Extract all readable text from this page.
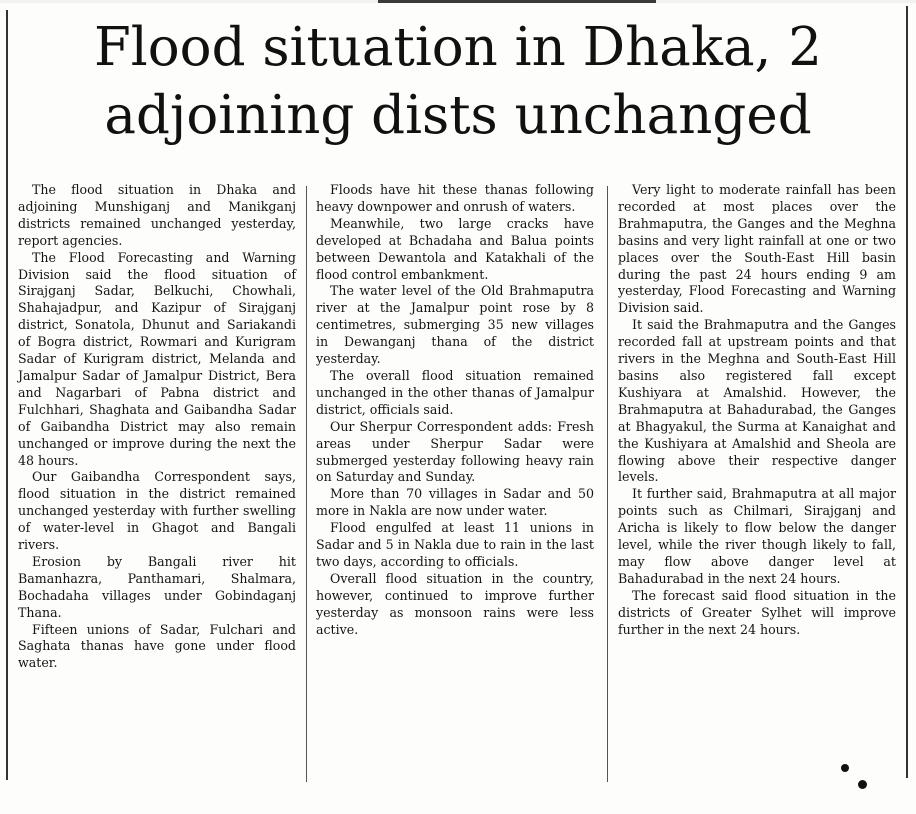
Flood situation in Dhaka, 2 adjoining dists unchanged

The flood situation in Dhaka and adjoining Munshiganj and Manikganj districts remained unchanged yesterday, report agencies.

The Flood Forecasting and Warning Division said the flood situation of Sirajganj Sadar, Belkuchi, Chowhali, Shahajadpur, and Kazipur of Sirajganj district, Sonatola, Dhunut and Sariakandi of Bogra district, Rowmari and Kurigram Sadar of Kurigram district, Melanda and Jamalpur Sadar of Jamalpur District, Bera and Nagarbari of Pabna district and Fulchhari, Shaghata and Gaibandha Sadar of Gaibandha District may also remain unchanged or improve during the next the 48 hours.

Our Gaibandha Correspondent says, flood situation in the district remained unchanged yesterday with further swelling of water-level in Ghagot and Bangali rivers.

Erosion by Bangali river hit Bamanhazra, Panthamari, Shalmara, Bochadaha villages under Gobindaganj Thana.

Fifteen unions of Sadar, Fulchari and Saghata thanas have gone under flood water.

Floods have hit these thanas following heavy downpower and onrush of waters.

Meanwhile, two large cracks have developed at Bchadaha and Balua points between Dewantola and Katakhali of the flood control embankment.

The water level of the Old Brahmaputra river at the Jamalpur point rose by 8 centimetres, submerging 35 new villages in Dewanganj thana of the district yesterday.

The overall flood situation remained unchanged in the other thanas of Jamalpur district, officials said.

Our Sherpur Correspondent adds: Fresh areas under Sherpur Sadar were submerged yesterday following heavy rain on Saturday and Sunday.

More than 70 villages in Sadar and 50 more in Nakla are now under water.

Flood engulfed at least 11 unions in Sadar and 5 in Nakla due to rain in the last two days, according to officials.

Overall flood situation in the country, however, continued to improve further yesterday as monsoon rains were less active.

Very light to moderate rainfall has been recorded at most places over the Brahmaputra, the Ganges and the Meghna basins and very light rainfall at one or two places over the South-East Hill basin during the past 24 hours ending 9 am yesterday, Flood Forecasting and Warning Division said.

It said the Brahmaputra and the Ganges recorded fall at upstream points and that rivers in the Meghna and South-East Hill basins also registered fall except Kushiyara at Amalshid. However, the Brahmaputra at Bahadurabad, the Ganges at Bhagyakul, the Surma at Kanaighat and the Kushiyara at Amalshid and Sheola are flowing above their respective danger levels.

It further said, Brahmaputra at all major points such as Chilmari, Sirajganj and Aricha is likely to flow below the danger level, while the river though likely to fall, may flow above danger level at Bahadurabad in the next 24 hours.

The forecast said flood situation in the districts of Greater Sylhet will improve further in the next 24 hours.
